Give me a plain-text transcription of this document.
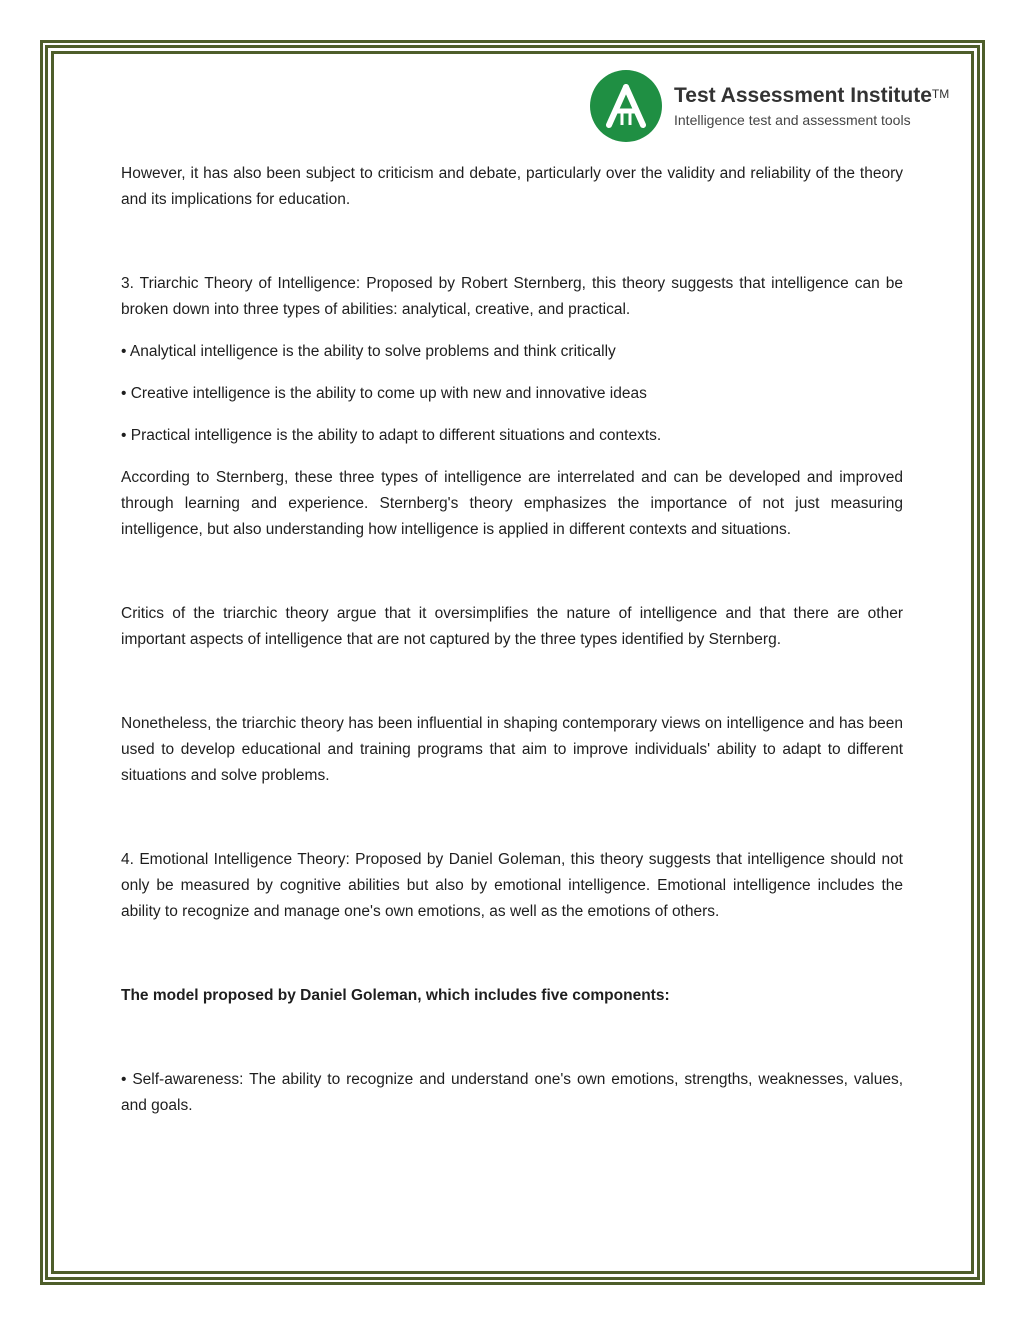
Test Assessment Institute™
Intelligence test and assessment tools

However, it has also been subject to criticism and debate, particularly over the validity and reliability of the theory and its implications for education.

3. Triarchic Theory of Intelligence: Proposed by Robert Sternberg, this theory suggests that intelligence can be broken down into three types of abilities: analytical, creative, and practical.

• Analytical intelligence is the ability to solve problems and think critically

• Creative intelligence is the ability to come up with new and innovative ideas

• Practical intelligence is the ability to adapt to different situations and contexts.

According to Sternberg, these three types of intelligence are interrelated and can be developed and improved through learning and experience. Sternberg's theory emphasizes the importance of not just measuring intelligence, but also understanding how intelligence is applied in different contexts and situations.

Critics of the triarchic theory argue that it oversimplifies the nature of intelligence and that there are other important aspects of intelligence that are not captured by the three types identified by Sternberg.

Nonetheless, the triarchic theory has been influential in shaping contemporary views on intelligence and has been used to develop educational and training programs that aim to improve individuals' ability to adapt to different situations and solve problems.

4. Emotional Intelligence Theory: Proposed by Daniel Goleman, this theory suggests that intelligence should not only be measured by cognitive abilities but also by emotional intelligence. Emotional intelligence includes the ability to recognize and manage one's own emotions, as well as the emotions of others.

The model proposed by Daniel Goleman, which includes five components:

• Self-awareness: The ability to recognize and understand one's own emotions, strengths, weaknesses, values, and goals.
